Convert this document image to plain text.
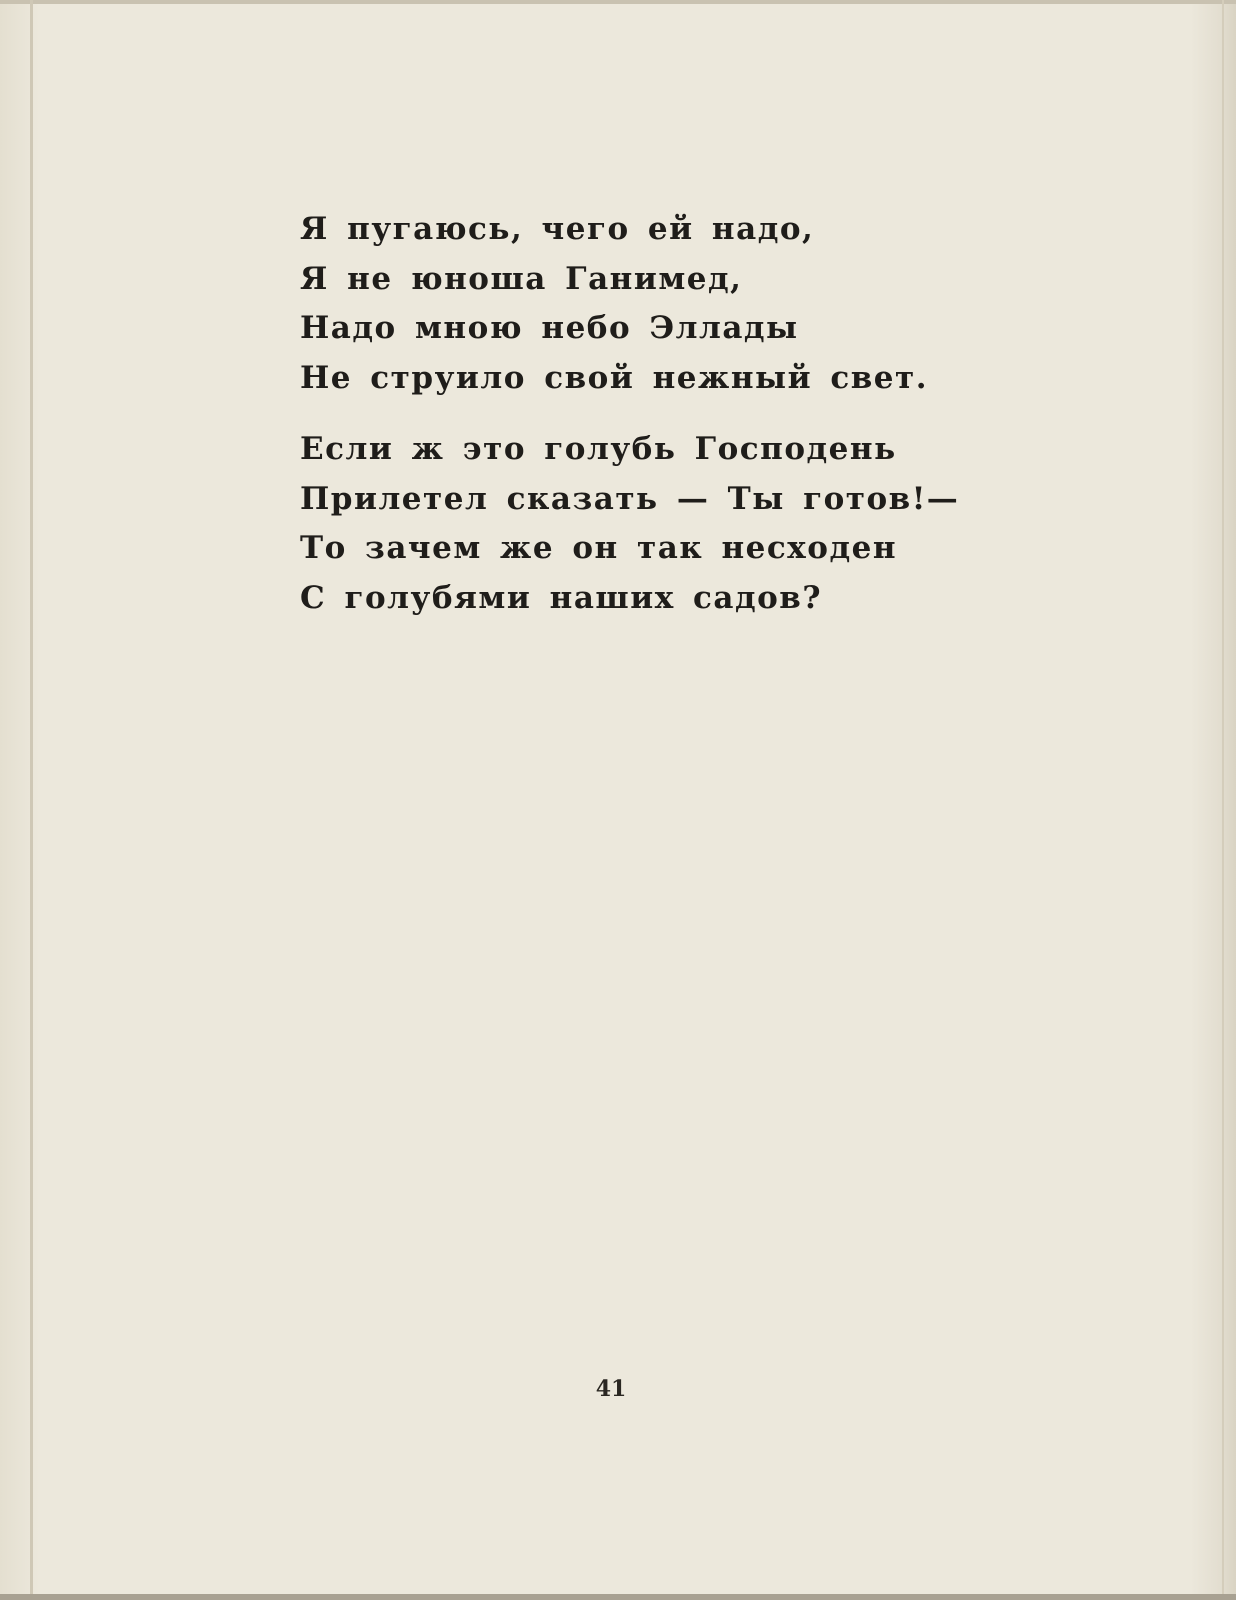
Я пугаюсь, чего ей надо,
Я не юноша Ганимед,
Надо мною небо Эллады
Не струило свой нежный свет.
Если ж это голубь Господень
Прилетел сказать — Ты готов!—
То зачем же он так несходен
С голубями наших садов?
41
